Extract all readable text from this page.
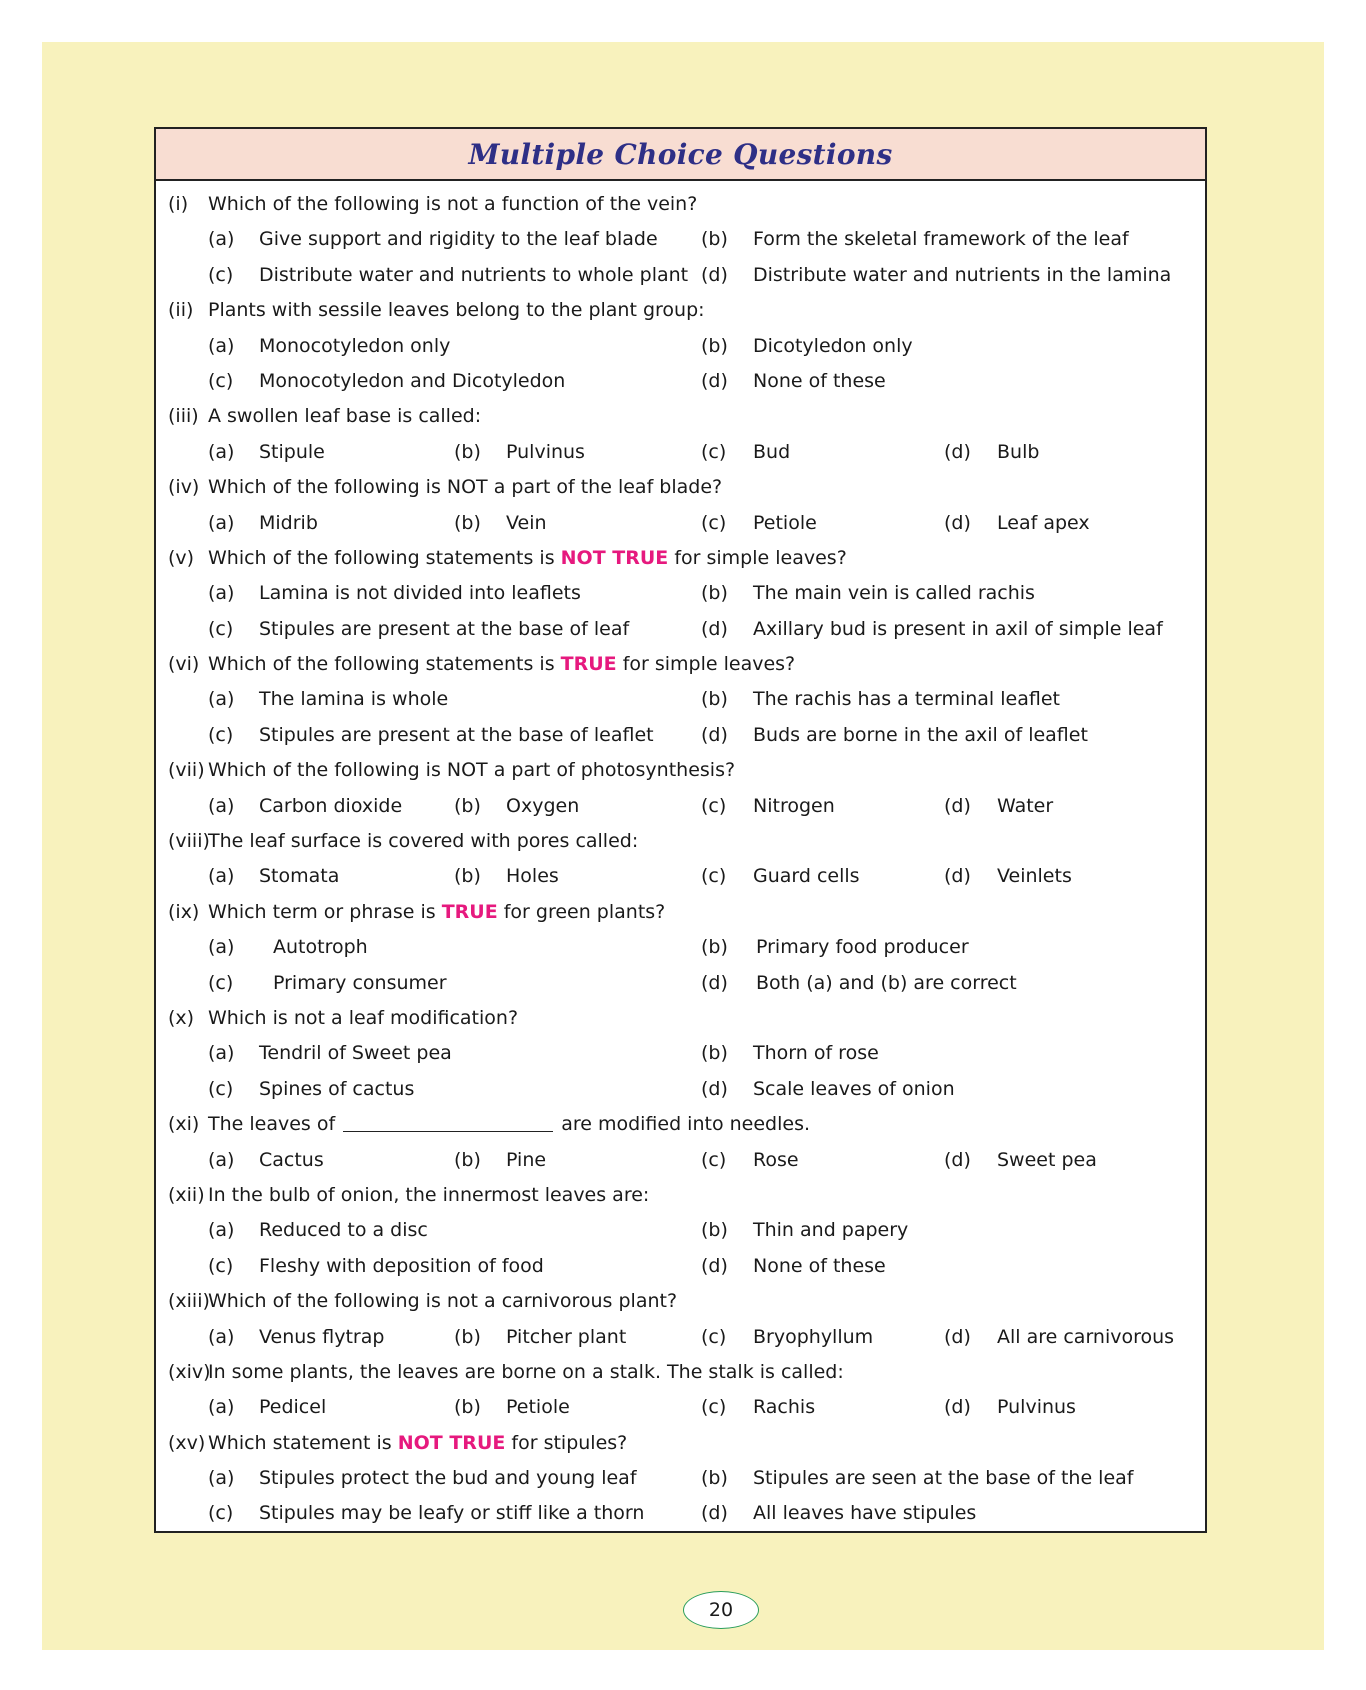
Multiple Choice Questions
(i) Which of the following is not a function of the vein?
(a) Give support and rigidity to the leaf blade (b) Form the skeletal framework of the leaf
(c) Distribute water and nutrients to whole plant (d) Distribute water and nutrients in the lamina
(ii) Plants with sessile leaves belong to the plant group:
(a) Monocotyledon only	(b) Dicotyledon only
(c) Monocotyledon and Dicotyledon	(d) None of these
(iii) A swollen leaf base is called:
(a) Stipule	(b) Pulvinus	(c) Bud	(d) Bulb
(iv) Which of the following is NOT a part of the leaf blade?
(a) Midrib	(b) Vein	(c) Petiole	(d) Leaf apex
(v) Which of the following statements is NOT TRUE for simple leaves?
(a) Lamina is not divided into leaflets	(b) The main vein is called rachis
(c) Stipules are present at the base of leaf	(d) Axillary bud is present in axil of simple leaf
(vi) Which of the following statements is TRUE for simple leaves?
(a) The lamina is whole	(b) The rachis has a terminal leaflet
(c) Stipules are present at the base of leaflet (d) Buds are borne in the axil of leaflet
(vii) Which of the following is NOT a part of photosynthesis?
(a) Carbon dioxide	(b) Oxygen	(c) Nitrogen	(d) Water
(viii)
The leaf surface is covered with pores called:
(a) Stomata	(b) Holes	(c) Guard cells	(d) Veinlets
(ix) Which term or phrase is TRUE for green plants?
(a) Autotroph	(b) Primary food producer
(c) Primary consumer	(d) Both (a) and (b) are correct
(x) Which is not a leaf modification?
(a) Tendril of Sweet pea	(b) Thorn of rose
(c) Spines of cactus	(d) Scale leaves of onion
(xi) The leaves of	are modified into needles.
(a) Cactus	(b) Pine	(c) Rose	(d) Sweet pea
(xii) In the bulb of onion, the innermost leaves are:
(a) Reduced to a disc	(b) Thin and papery
(c) Fleshy with deposition of food	(d) None of these
(xiii)
Which of the following is not a carnivorous plant?
(a) Venus flytrap	(b) Pitcher plant	(c) Bryophyllum	(d) All are carnivorous
(xiv)
In some plants, the leaves are borne on a stalk. The stalk is called:
(a) Pedicel	(b) Petiole	(c) Rachis	(d) Pulvinus
(xv) Which statement is NOT TRUE for stipules?
(a) Stipules protect the bud and young leaf	(b) Stipules are seen at the base of the leaf
(c) Stipules may be leafy or stiff like a thorn	(d) All leaves have stipules
20
